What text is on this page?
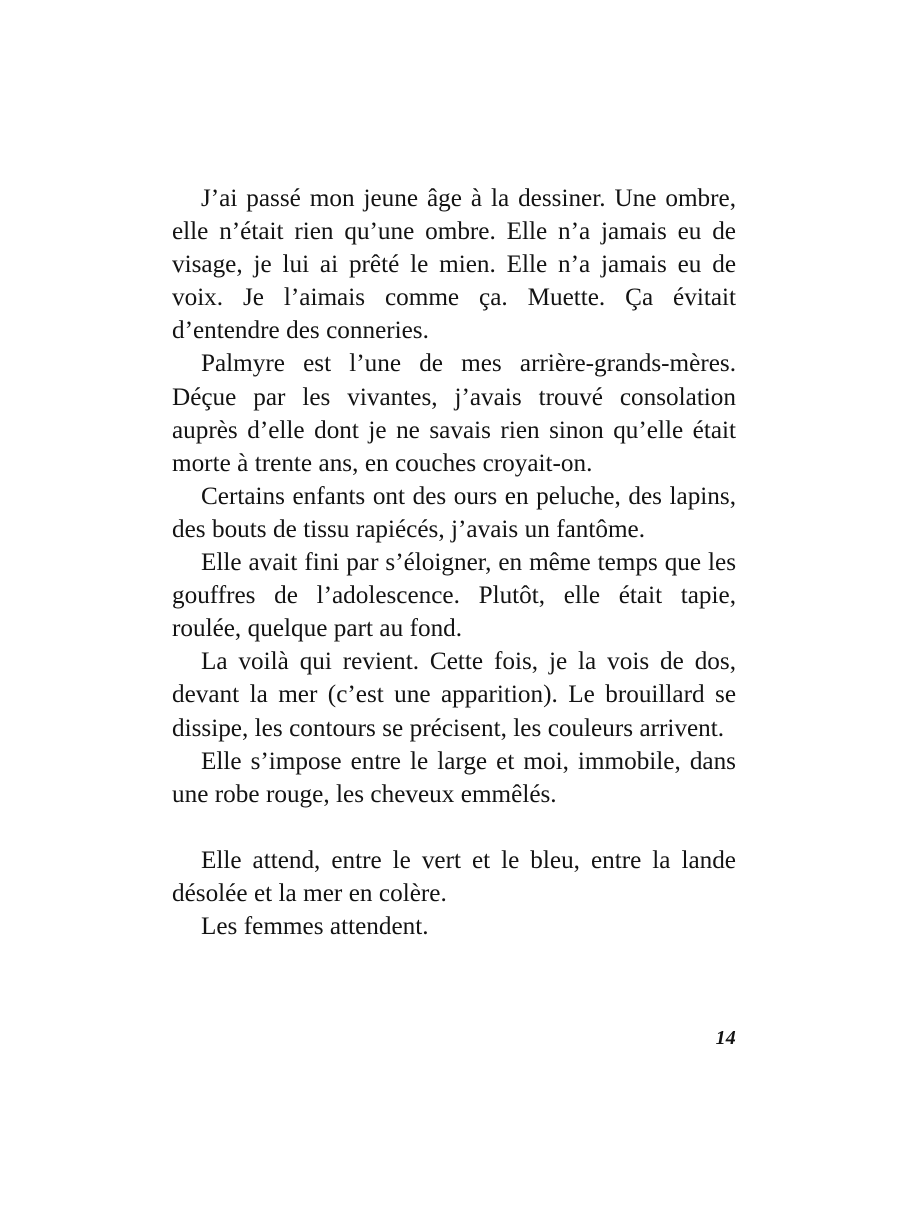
J’ai passé mon jeune âge à la dessiner. Une ombre, elle n’était rien qu’une ombre. Elle n’a jamais eu de visage, je lui ai prêté le mien. Elle n’a jamais eu de voix. Je l’aimais comme ça. Muette. Ça évitait d’entendre des conneries.

Palmyre est l’une de mes arrière-grands-mères. Déçue par les vivantes, j’avais trouvé consolation auprès d’elle dont je ne savais rien sinon qu’elle était morte à trente ans, en couches croyait-on.

Certains enfants ont des ours en peluche, des lapins, des bouts de tissu rapiécés, j’avais un fantôme.

Elle avait fini par s’éloigner, en même temps que les gouffres de l’adolescence. Plutôt, elle était tapie, roulée, quelque part au fond.

La voilà qui revient. Cette fois, je la vois de dos, devant la mer (c’est une apparition). Le brouillard se dissipe, les contours se précisent, les couleurs arrivent.

Elle s’impose entre le large et moi, immobile, dans une robe rouge, les cheveux emmêlés.

Elle attend, entre le vert et le bleu, entre la lande désolée et la mer en colère.

Les femmes attendent.

14
